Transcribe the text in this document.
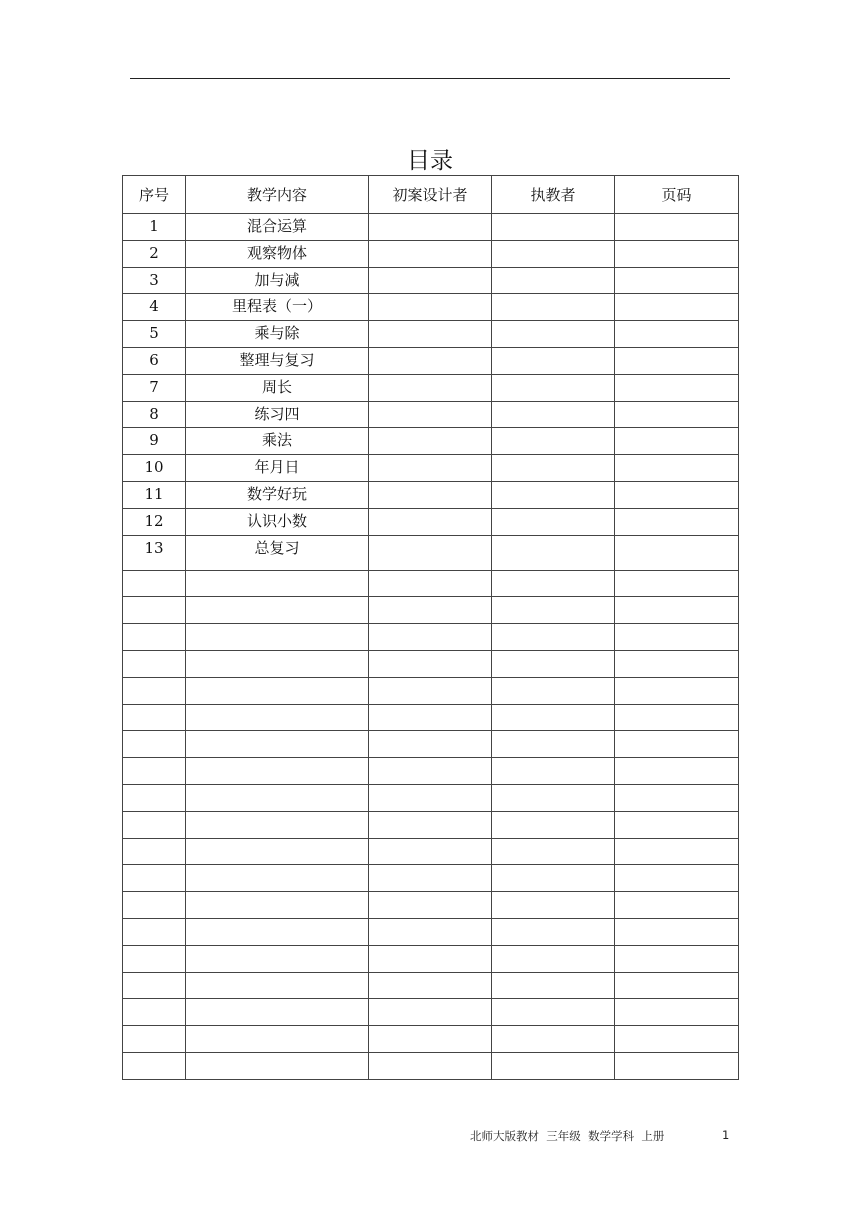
目录
序号	教学内容	初案设计者	执教者	页码
1	混合运算			
2	观察物体			
3	加与减			
4	里程表（一）			
5	乘与除			
6	整理与复习			
7	周长			
8	练习四			
9	乘法			
10	年月日			
11	数学好玩			
12	认识小数			
13	总复习			

北师大版教材  三年级  数学学科  上册	1
